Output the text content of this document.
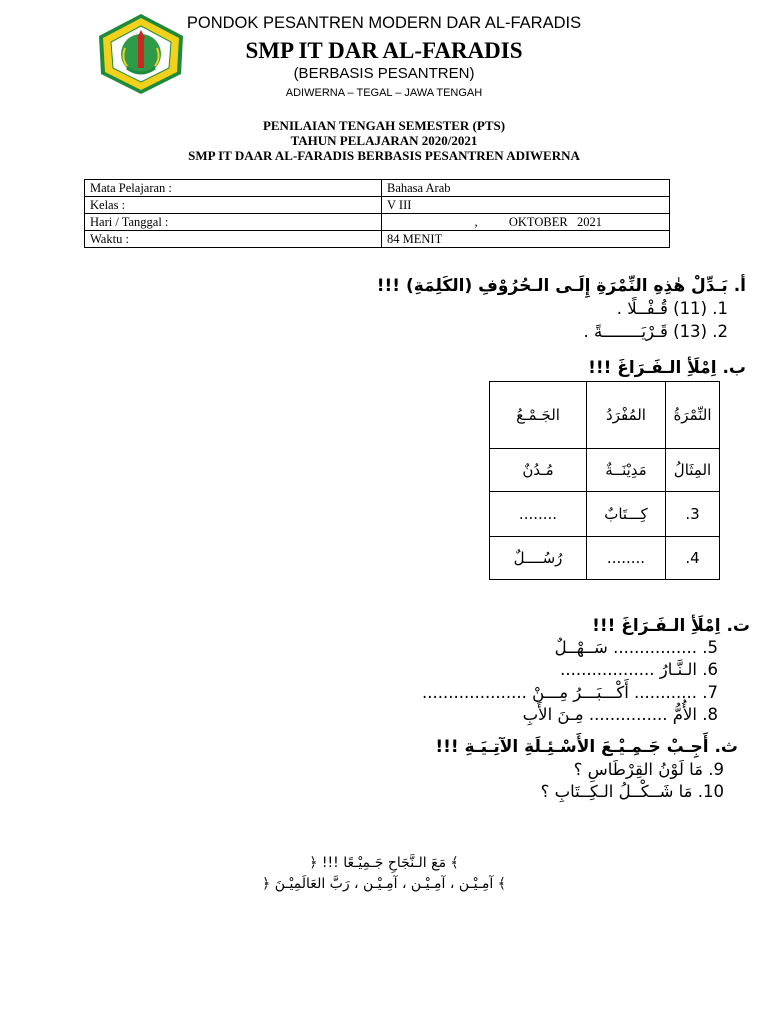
PONDOK PESANTREN MODERN DAR AL-FARADIS
SMP IT DAR AL-FARADIS
(BERBASIS PESANTREN)
ADIWERNA – TEGAL – JAWA TENGAH
PENILAIAN TENGAH SEMESTER (PTS)
TAHUN PELAJARAN 2020/2021
SMP IT DAAR AL-FARADIS BERBASIS PESANTREN ADIWERNA
Mata Pelajaran :	Bahasa Arab
Kelas :	V III
Hari / Tanggal :	,          OKTOBER   2021
Waktu :	84 MENIT
أ. بَـدِّلْ هٰذِهِ النِّمْرَةِ إِلَـى الـحُرُوْفِ (الكَلِمَةِ) !!!
1. (11) قُـفْــلًا .
2. (13) قَـرْيَــــــــةً .
ب. اِمْلَأِ الـفَـرَاغَ !!!
النِّمْرَةُ	المُفْرَدُ	الجَـمْـعُ
المِثَالُ	مَدِيْنَــةٌ	مُـدُنٌ
3.	كِـــتَابٌ	........
4.	........	رُسُــــلٌ
ت. اِمْلَأِ الـفَـرَاغَ !!!
5. ................ سَــهْــلٌ
6. الـنَّـارُ ..................
7. ............ أَكْـــبَـــرُ مِـــنْ ....................
8. الأُمُّ ............... مِـنَ الأَبِ
ث. أَجِـبْ جَـمِـيْـعَ الأَسْـئِـلَةِ الآتِـيَـةِ !!!
9. مَا لَوْنُ القِرْطَاسِ ؟
10. مَا شَــكْــلُ الـكِــتَابِ ؟
﴾ مَعَ الـنَّجَاحِ جَـمِيْـعًا !!! ﴿
﴾ آمِـيْـن ، آمِـيْـن ، آمِـيْـن ، رَبَّ العَالَمِيْـنَ ﴿
